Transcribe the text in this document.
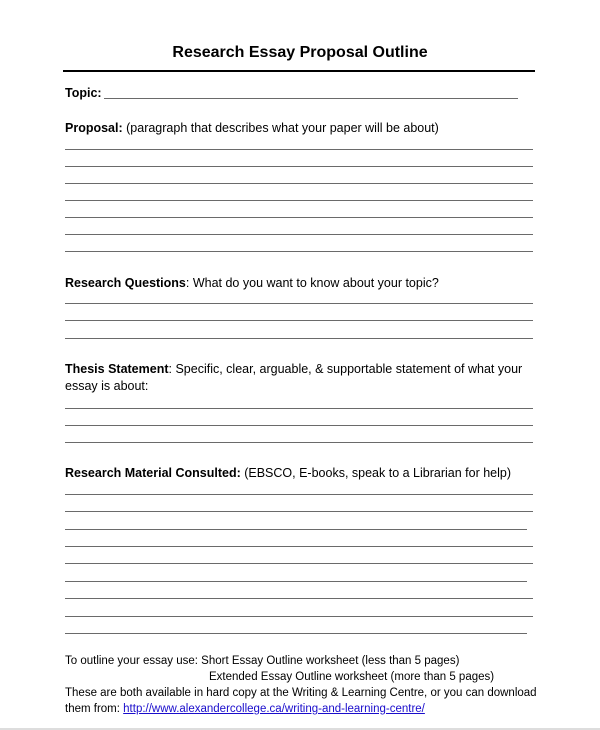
Research Essay Proposal Outline
Topic:
Proposal: (paragraph that describes what your paper will be about)
Research Questions: What do you want to know about your topic?
Thesis Statement: Specific, clear, arguable, & supportable statement of what your
essay is about:
Research Material Consulted: (EBSCO, E-books, speak to a Librarian for help)
To outline your essay use: Short Essay Outline worksheet (less than 5 pages)
Extended Essay Outline worksheet (more than 5 pages)
These are both available in hard copy at the Writing & Learning Centre, or you can download
them from: http://www.alexandercollege.ca/writing-and-learning-centre/
